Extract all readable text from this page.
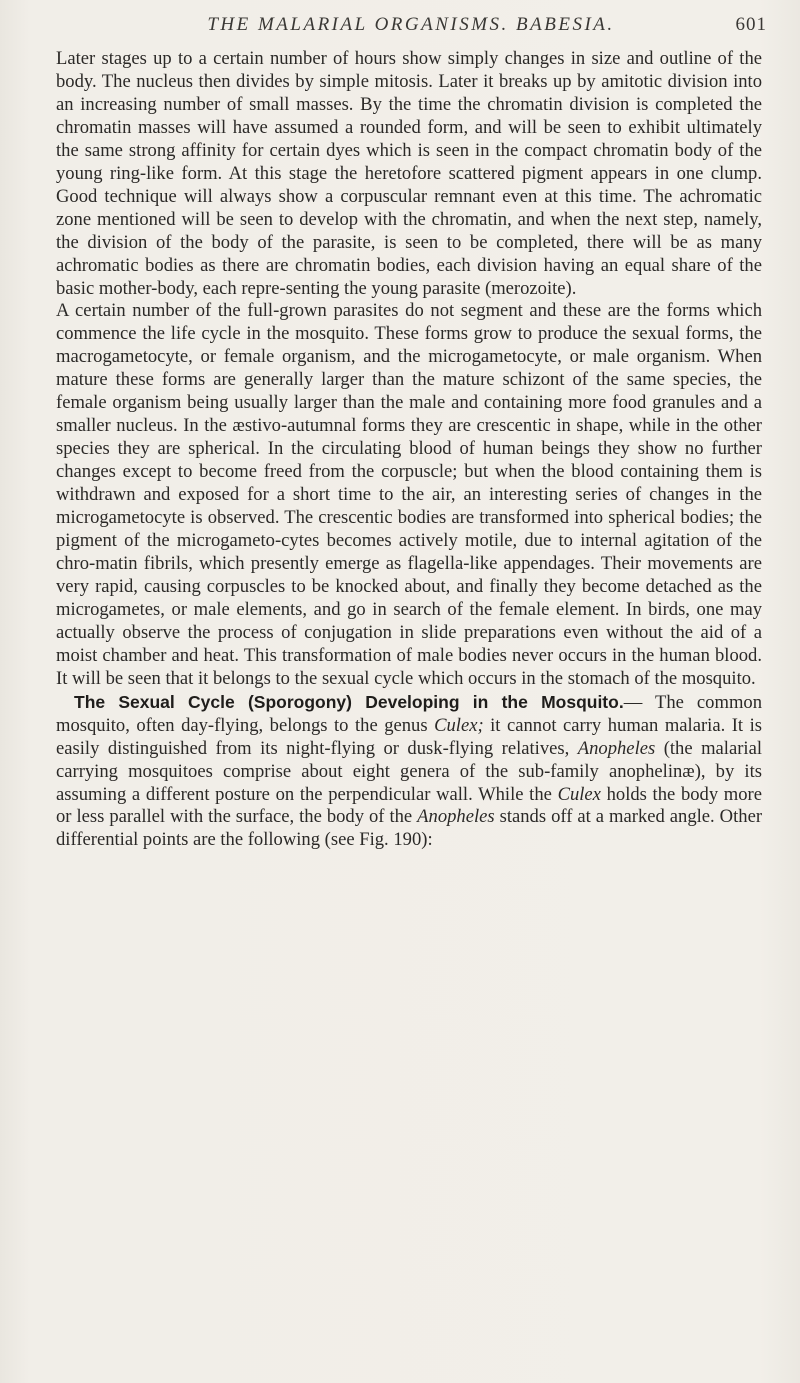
THE MALARIAL ORGANISMS. BABESIA.	601

Later stages up to a certain number of hours show simply changes in size and outline of the body. The nucleus then divides by simple mitosis. Later it breaks up by amitotic division into an increasing number of small masses. By the time the chromatin division is completed the chromatin masses will have assumed a rounded form, and will be seen to exhibit ultimately the same strong affinity for certain dyes which is seen in the compact chromatin body of the young ring-like form. At this stage the heretofore scattered pigment appears in one clump. Good technique will always show a corpuscular remnant even at this time. The achromatic zone mentioned will be seen to develop with the chromatin, and when the next step, namely, the division of the body of the parasite, is seen to be completed, there will be as many achromatic bodies as there are chromatin bodies, each division having an equal share of the basic mother-body, each repre-senting the young parasite (merozoite).

A certain number of the full-grown parasites do not segment and these are the forms which commence the life cycle in the mosquito. These forms grow to produce the sexual forms, the macrogametocyte, or female organism, and the microgametocyte, or male organism. When mature these forms are generally larger than the mature schizont of the same species, the female organism being usually larger than the male and containing more food granules and a smaller nucleus. In the æstivo-autumnal forms they are crescentic in shape, while in the other species they are spherical. In the circulating blood of human beings they show no further changes except to become freed from the corpuscle; but when the blood containing them is withdrawn and exposed for a short time to the air, an interesting series of changes in the microgametocyte is observed. The crescentic bodies are transformed into spherical bodies; the pigment of the microgameto-cytes becomes actively motile, due to internal agitation of the chro-matin fibrils, which presently emerge as flagella-like appendages. Their movements are very rapid, causing corpuscles to be knocked about, and finally they become detached as the microgametes, or male elements, and go in search of the female element. In birds, one may actually observe the process of conjugation in slide preparations even without the aid of a moist chamber and heat. This transformation of male bodies never occurs in the human blood. It will be seen that it belongs to the sexual cycle which occurs in the stomach of the mosquito.

The Sexual Cycle (Sporogony) Developing in the Mosquito.— The common mosquito, often day-flying, belongs to the genus Culex; it cannot carry human malaria. It is easily distinguished from its night-flying or dusk-flying relatives, Anopheles (the malarial carrying mosquitoes comprise about eight genera of the sub-family anophelinæ), by its assuming a different posture on the perpendicular wall. While the Culex holds the body more or less parallel with the surface, the body of the Anopheles stands off at a marked angle. Other differential points are the following (see Fig. 190):
